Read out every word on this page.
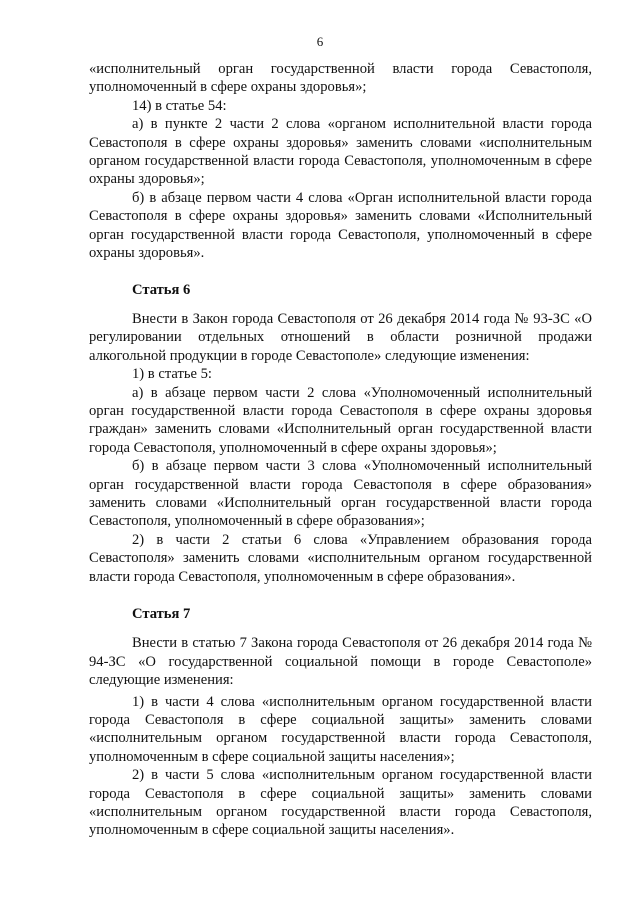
6

«исполнительный орган государственной власти города Севастополя, уполномоченный в сфере охраны здоровья»;

14) в статье 54:

а) в пункте 2 части 2 слова «органом исполнительной власти города Севастополя в сфере охраны здоровья» заменить словами «исполнительным органом государственной власти города Севастополя, уполномоченным в сфере охраны здоровья»;

б) в абзаце первом части 4 слова «Орган исполнительной власти города Севастополя в сфере охраны здоровья» заменить словами «Исполнительный орган государственной власти города Севастополя, уполномоченный в сфере охраны здоровья».

Статья 6

Внести в Закон города Севастополя от 26 декабря 2014 года № 93-ЗС «О регулировании отдельных отношений в области розничной продажи алкогольной продукции в городе Севастополе» следующие изменения:

1) в статье 5:

а) в абзаце первом части 2 слова «Уполномоченный исполнительный орган государственной власти города Севастополя в сфере охраны здоровья граждан» заменить словами «Исполнительный орган государственной власти города Севастополя, уполномоченный в сфере охраны здоровья»;

б) в абзаце первом части 3 слова «Уполномоченный исполнительный орган государственной власти города Севастополя в сфере образования» заменить словами «Исполнительный орган государственной власти города Севастополя, уполномоченный в сфере образования»;

2) в части 2 статьи 6 слова «Управлением образования города Севастополя» заменить словами «исполнительным органом государственной власти города Севастополя, уполномоченным в сфере образования».

Статья 7

Внести в статью 7 Закона города Севастополя от 26 декабря 2014 года № 94-ЗС «О государственной социальной помощи в городе Севастополе» следующие изменения:

1) в части 4 слова «исполнительным органом государственной власти города Севастополя в сфере социальной защиты» заменить словами «исполнительным органом государственной власти города Севастополя, уполномоченным в сфере социальной защиты населения»;

2) в части 5 слова «исполнительным органом государственной власти города Севастополя в сфере социальной защиты» заменить словами «исполнительным органом государственной власти города Севастополя, уполномоченным в сфере социальной защиты населения».
